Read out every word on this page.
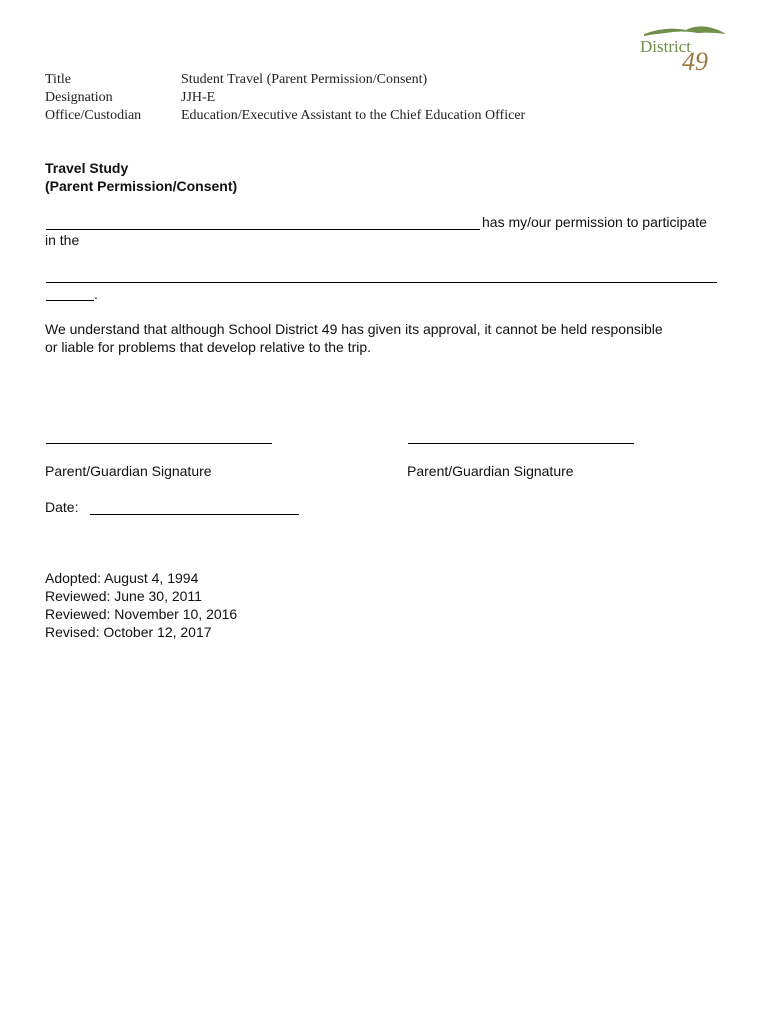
District
49
Title	Student Travel (Parent Permission/Consent)
Designation	JJH-E
Office/Custodian	Education/Executive Assistant to the Chief Education Officer
Travel Study
(Parent Permission/Consent)
has my/our permission to participate
in the
.
We understand that although School District 49 has given its approval, it cannot be held responsible
or liable for problems that develop relative to the trip.
Parent/Guardian Signature	Parent/Guardian Signature
Date:
Adopted: August 4, 1994
Reviewed: June 30, 2011
Reviewed: November 10, 2016
Revised: October 12, 2017
